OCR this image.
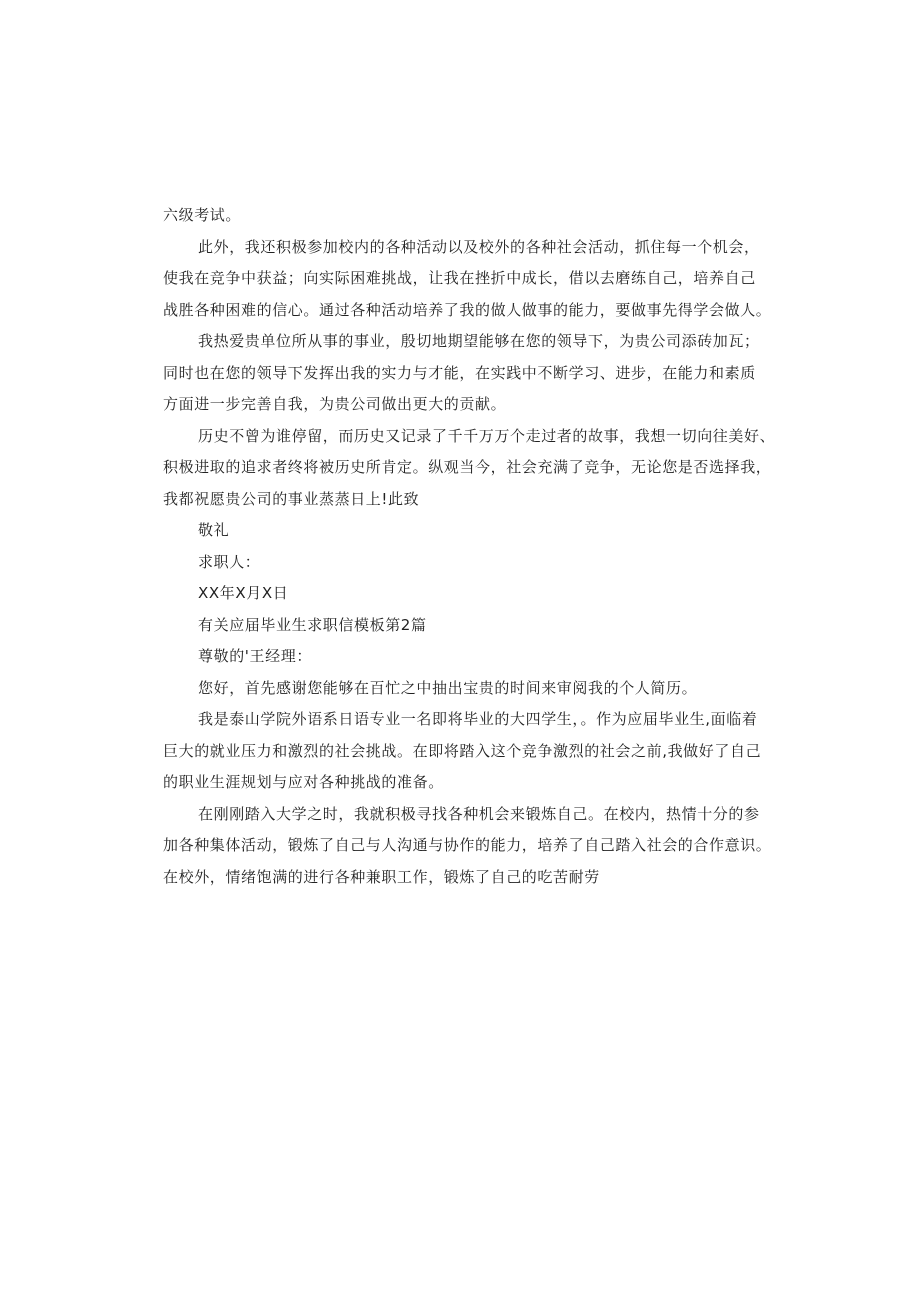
六级考试。
此外，我还积极参加校内的各种活动以及校外的各种社会活动，抓住每一个机会，
使我在竞争中获益；向实际困难挑战，让我在挫折中成长，借以去磨练自己，培养自己
战胜各种困难的信心。通过各种活动培养了我的做人做事的能力，要做事先得学会做人。
我热爱贵单位所从事的事业，殷切地期望能够在您的领导下，为贵公司添砖加瓦；
同时也在您的领导下发挥出我的实力与才能，在实践中不断学习、进步，在能力和素质
方面进一步完善自我，为贵公司做出更大的贡献。
历史不曾为谁停留，而历史又记录了千千万万个走过者的故事，我想一切向往美好、
积极进取的追求者终将被历史所肯定。纵观当今，社会充满了竞争，无论您是否选择我，
我都祝愿贵公司的事业蒸蒸日上!此致
敬礼
求职人：
XX年X月X日
有关应届毕业生求职信模板第2篇
尊敬的'王经理：
您好，首先感谢您能够在百忙之中抽出宝贵的时间来审阅我的个人简历。
我是泰山学院外语系日语专业一名即将毕业的大四学生，。作为应届毕业生,面临着
巨大的就业压力和激烈的社会挑战。在即将踏入这个竞争激烈的社会之前,我做好了自己
的职业生涯规划与应对各种挑战的准备。
在刚刚踏入大学之时，我就积极寻找各种机会来锻炼自己。在校内，热情十分的参
加各种集体活动，锻炼了自己与人沟通与协作的能力，培养了自己踏入社会的合作意识。
在校外，情绪饱满的进行各种兼职工作，锻炼了自己的吃苦耐劳
